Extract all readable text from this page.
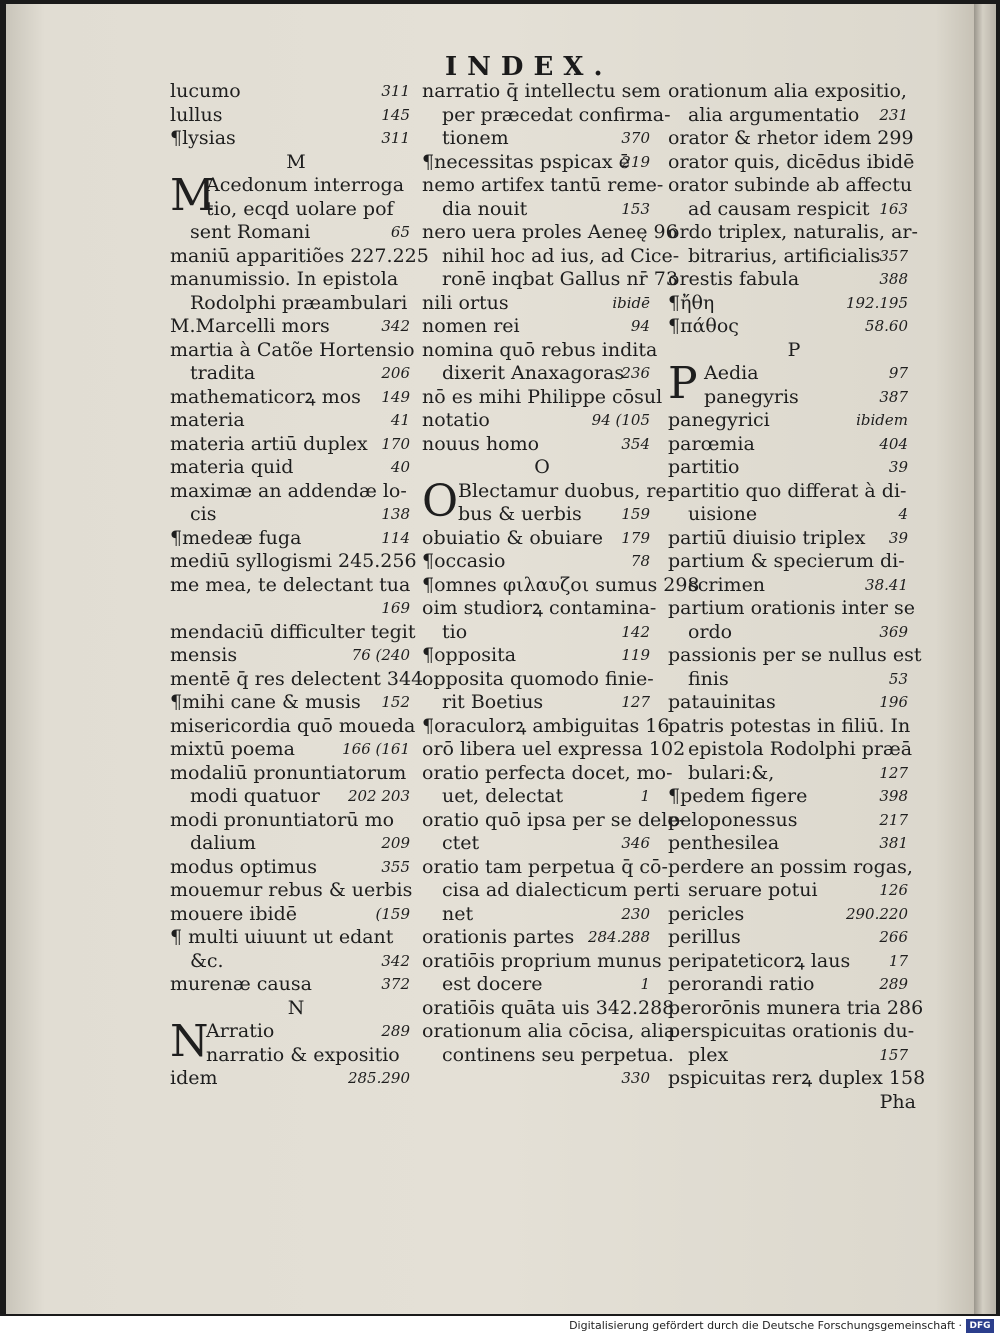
INDEX.
lucumo	311
lullus	145
¶lysias	311
M
M
Acedonum interroga
tio, ecqd uolare pof
sent Romani	65
maniū apparitiões 227.225
manumissio. In epistola
Rodolphi præambulari
M.Marcelli mors	342
martia à Catõe Hortensio
tradita	206
mathematicorꝝ mos 149
materia	41
materia artiū duplex 170
materia quid	40
maximæ an addendæ lo-
cis	138
¶medeæ fuga	114
mediū syllogismi 245.256
me mea, te delectant tua
169
mendaciū difficulter tegit
mensis	76 (240
mentē q̄ res delectent 344
¶mihi cane & musis 152
misericordia quō moueda
mixtū poema	166 (161
modaliū pronuntiatorum
modi quatuor 202 203
modi pronuntiatorū mo
dalium	209
modus optimus	355
mouemur rebus & uerbis
mouere ibidē	(159
¶ multi uiuunt ut edant
&c.	342
murenæ causa	372
N
N
Arratio	289
narratio & expositio
idem	285.290
narratio q̄ intellectu sem
per præcedat confirma-
tionem	370
¶necessitas pspicax ē
219
nemo artifex tantū reme-
dia nouit	153
nero uera proles Aeneę 96
nihil hoc ad ius, ad Cice-
ronē inqbat Gallus nr̄ 73
nili ortus	ibidē
nomen rei	94
nomina quō rebus indita
dixerit Anaxagoras
236
nō es mihi Philippe cōsul
notatio	94 (105
nouus homo	354
O
O Blectamur duobus, re-
bus & uerbis	159
obuiatio & obuiare 179
¶occasio	78
¶omnes φιλαυζοι sumus 298
oim studiorꝝ contamina-
tio	142
¶opposita	119
opposita quomodo finie-
rit Boetius	127
¶oraculorꝝ ambiguitas 16
orō libera uel expressa 102
oratio perfecta docet, mo-
uet, delectat	1
oratio quō ipsa per se dele-
ctet	346
oratio tam perpetua q̄ cō-
cisa ad dialecticum perti
net	230
orationis partes 284.288
oratiōis proprium munus
est docere	1
oratiōis quāta uis 342.288
orationum alia cōcisa, alia
continens seu perpetua.
330
orationum alia expositio,
alia argumentatio 231
orator & rhetor idem 299
orator quis, dicēdus ibidē
orator subinde ab affectu
ad causam respicit 163
ordo triplex, naturalis, ar-
bitrarius, artificialis 357
orestis fabula	388
¶ἤθη	192.195
¶πάθος	58.60
P
P Aedia	97
panegyris	387
panegyrici	ibidem
parœmia	404
partitio	39
partitio quo differat à di-
uisione	4
partiū diuisio triplex 39
partium & specierum di-
scrimen	38.41
partium orationis inter se
ordo	369
passionis per se nullus est
finis	53
patauinitas	196
patris potestas in filiū. In
epistola Rodolphi præā
bulari:&,	127
¶pedem figere	398
peloponessus	217
penthesilea	381
perdere an possim rogas,
seruare potui	126
pericles	290.220
perillus	266
peripateticorꝝ laus	17
perorandi ratio	289
perorōnis munera tria 286
perspicuitas orationis du-
plex	157
pspicuitas rerꝝ duplex 158
Pha
Digitalisierung gefördert durch die Deutsche Forschungsgemeinschaft · DFG
